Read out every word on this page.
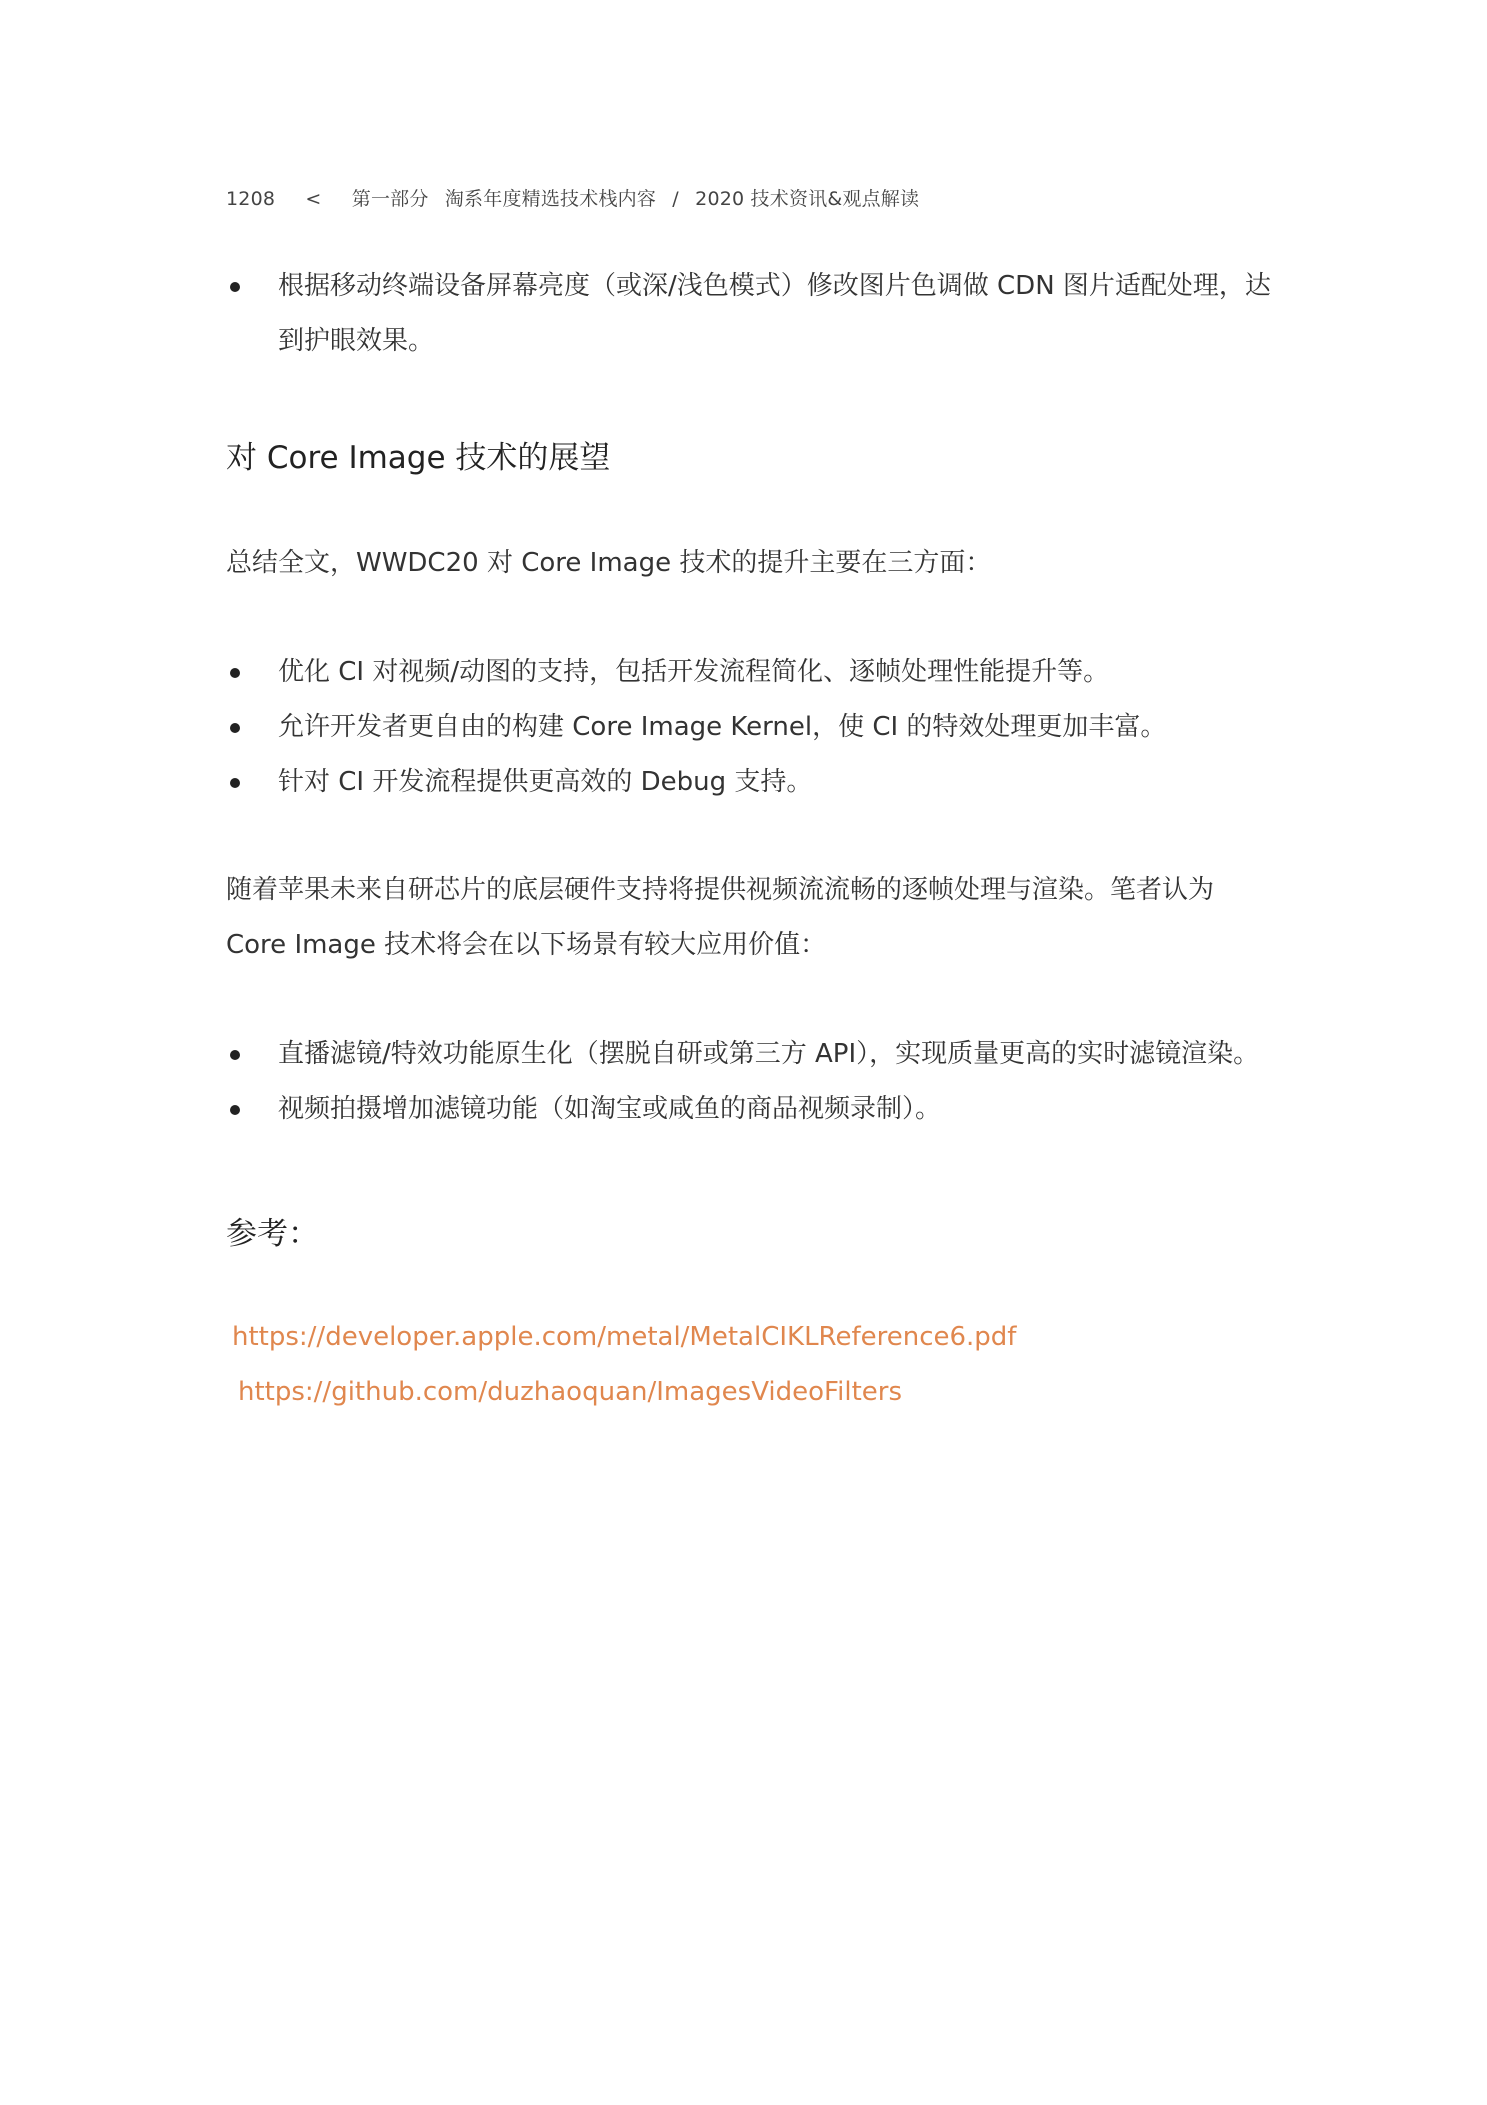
1208 < 第一部分 淘系年度精选技术栈内容 / 2020 技术资讯&观点解读
根据移动终端设备屏幕亮度（或深/浅色模式）修改图片色调做 CDN 图片适配处理，达到护眼效果。
对 Core Image 技术的展望
总结全文，WWDC20 对 Core Image 技术的提升主要在三方面：
优化 CI 对视频/动图的支持，包括开发流程简化、逐帧处理性能提升等。
允许开发者更自由的构建 Core Image Kernel，使 CI 的特效处理更加丰富。
针对 CI 开发流程提供更高效的 Debug 支持。
随着苹果未来自研芯片的底层硬件支持将提供视频流流畅的逐帧处理与渲染。笔者认为 Core Image 技术将会在以下场景有较大应用价值：
直播滤镜/特效功能原生化（摆脱自研或第三方 API），实现质量更高的实时滤镜渲染。
视频拍摄增加滤镜功能（如淘宝或咸鱼的商品视频录制）。
参考：
https://developer.apple.com/metal/MetalCIKLReference6.pdf
https://github.com/duzhaoquan/ImagesVideoFilters
